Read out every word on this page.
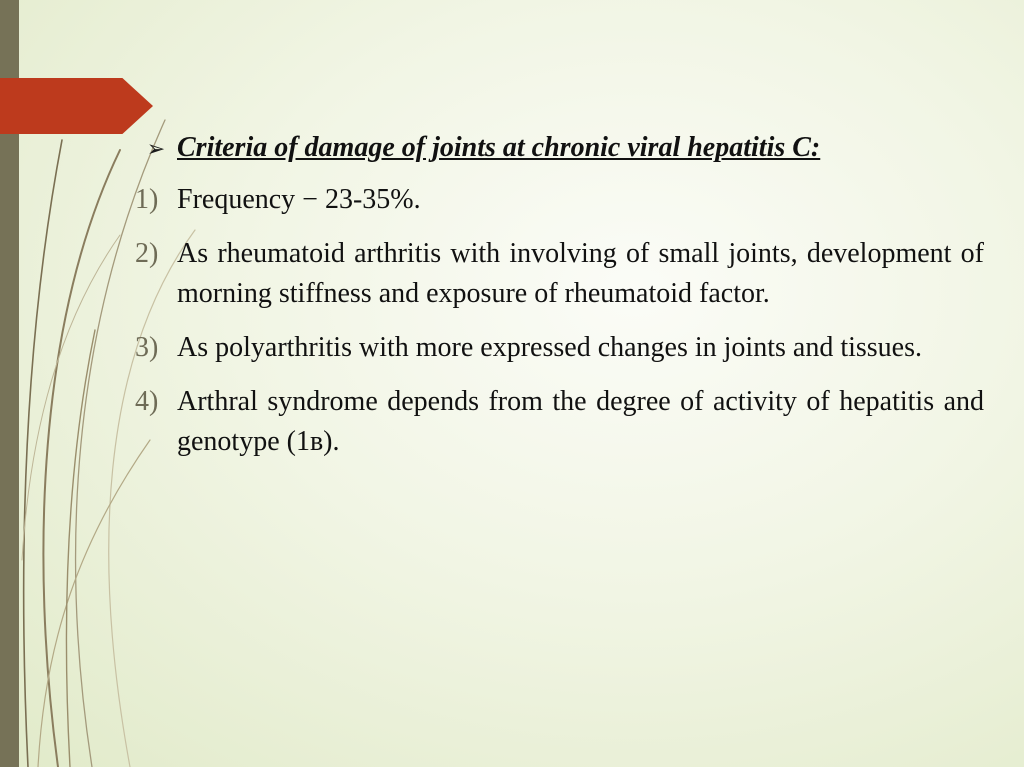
➢ Criteria of damage of joints at chronic viral hepatitis C:
1) Frequency − 23-35%.
2) As rheumatoid arthritis with involving of small joints, development of morning stiffness and exposure of rheumatoid factor.
3) As polyarthritis with more expressed changes in joints and tissues.
4) Arthral syndrome depends from the degree of activity of hepatitis and genotype (1в).
